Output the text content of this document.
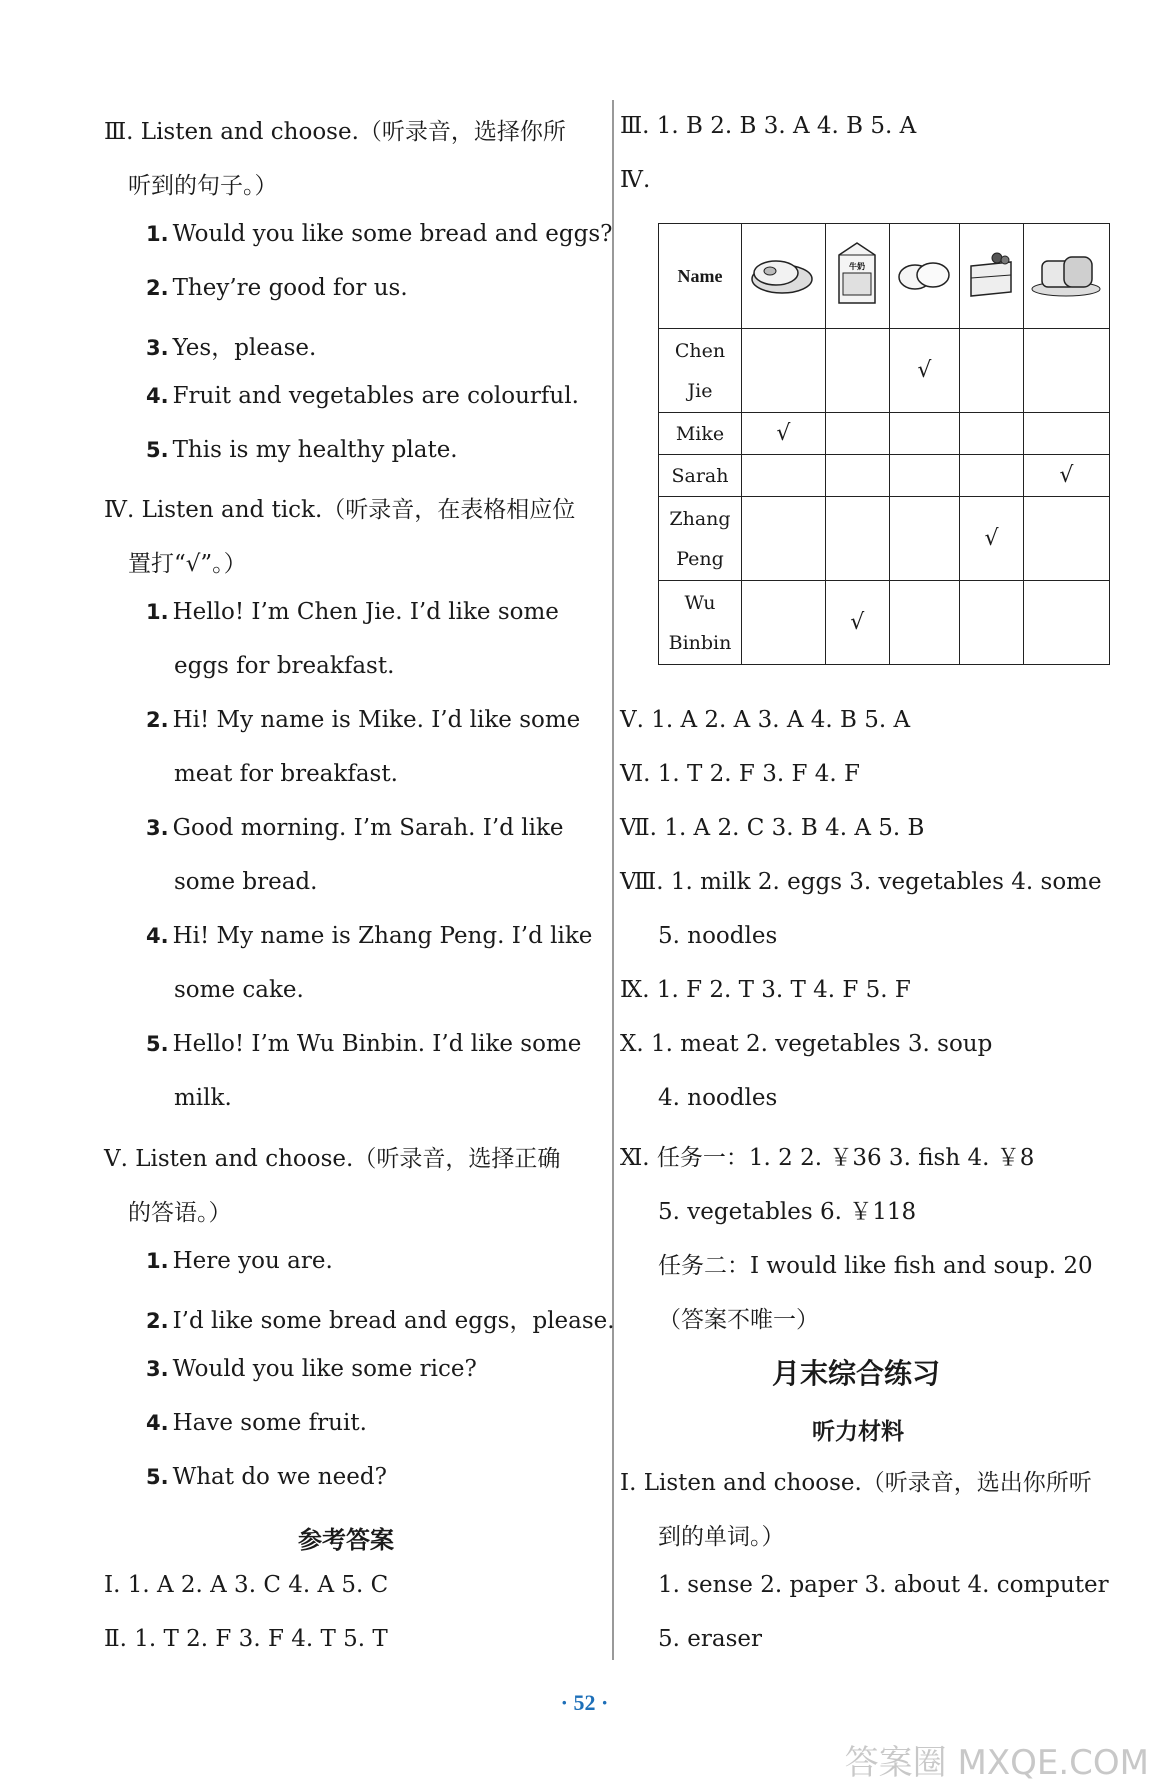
Ⅲ. Listen and choose.（听录音，选择你所
听到的句子。）
Ⅳ. Listen and tick.（听录音，在表格相应位
置打“√”。）
Ⅴ. Listen and choose.（听录音，选择正确
的答语。）
参考答案
Ⅰ. 1. A 2. A 3. C 4. A 5. C
Ⅱ. 1. T 2. F 3. F 4. T 5. T
Ⅲ. 1. B 2. B 3. A 4. B 5. A
Ⅳ.
Name		牛奶

Chen
Jie			√		

Mike	√				

Sarah					√

Zhang
Peng				√	

Wu
Binbin		√			
Ⅴ. 1. A 2. A 3. A 4. B 5. A
Ⅵ. 1. T 2. F 3. F 4. F
Ⅶ. 1. A 2. C 3. B 4. A 5. B
Ⅷ. 1. milk 2. eggs 3. vegetables 4. some
5. noodles
Ⅸ. 1. F 2. T 3. T 4. F 5. F
Ⅹ. 1. meat 2. vegetables 3. soup
4. noodles
Ⅺ. 任务一：1. 2 2. ￥36 3. fish 4. ￥8
5. vegetables 6. ￥118
任务二：I would like fish and soup. 20
（答案不唯一）
月末综合练习
听力材料
Ⅰ. Listen and choose.（听录音，选出你所听
到的单词。）
1. sense 2. paper 3. about 4. computer
5. eraser
· 52 ·
答案圈 MXQE.COM
1. Would you like some bread and eggs?
2. They’re good for us.
3. Yes，please.
4. Fruit and vegetables are colourful.
5. This is my healthy plate.
1. Here you are.
2. I’d like some bread and eggs，please.
3. Would you like some rice?
4. Have some fruit.
5. What do we need?
1. Hello! I’m Chen Jie. I’d like some
eggs for breakfast.
2. Hi! My name is Mike. I’d like some
meat for breakfast.
3. Good morning. I’m Sarah. I’d like
some bread.
4. Hi! My name is Zhang Peng. I’d like
some cake.
5. Hello! I’m Wu Binbin. I’d like some
milk.
